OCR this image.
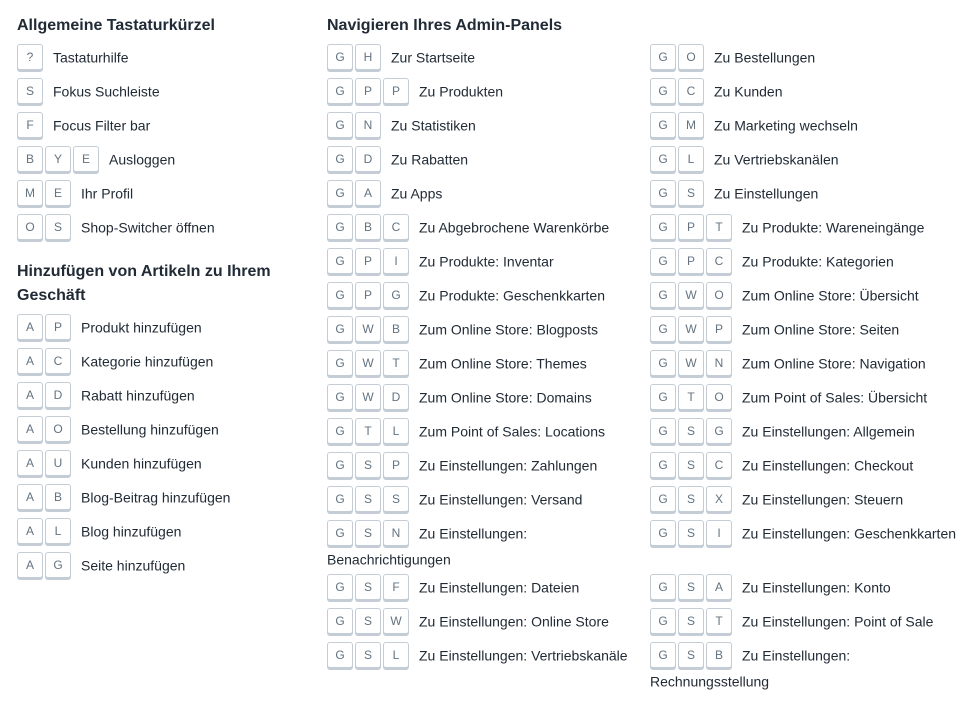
Allgemeine Tastaturkürzel
? Tastaturhilfe
S Fokus Suchleiste
F Focus Filter bar
B Y E Ausloggen
M E Ihr Profil
O S Shop-Switcher öffnen
Hinzufügen von Artikeln zu Ihrem Geschäft
A P Produkt hinzufügen
A C Kategorie hinzufügen
A D Rabatt hinzufügen
A O Bestellung hinzufügen
A U Kunden hinzufügen
A B Blog-Beitrag hinzufügen
A L Blog hinzufügen
A G Seite hinzufügen
Navigieren Ihres Admin-Panels
G H Zur Startseite
G P P Zu Produkten
G N Zu Statistiken
G D Zu Rabatten
G A Zu Apps
G B C Zu Abgebrochene Warenkörbe
G P I Zu Produkte: Inventar
G P G Zu Produkte: Geschenkkarten
G W B Zum Online Store: Blogposts
G W T Zum Online Store: Themes
G W D Zum Online Store: Domains
G T L Zum Point of Sales: Locations
G S P Zu Einstellungen: Zahlungen
G S S Zu Einstellungen: Versand
G S N Zu Einstellungen: Benachrichtigungen
G S F Zu Einstellungen: Dateien
G S W Zu Einstellungen: Online Store
G S L Zu Einstellungen: Vertriebskanäle

G O Zu Bestellungen
G C Zu Kunden
G M Zu Marketing wechseln
G L Zu Vertriebskanälen
G S Zu Einstellungen
G P T Zu Produkte: Wareneingänge
G P C Zu Produkte: Kategorien
G W O Zum Online Store: Übersicht
G W P Zum Online Store: Seiten
G W N Zum Online Store: Navigation
G T O Zum Point of Sales: Übersicht
G S G Zu Einstellungen: Allgemein
G S C Zu Einstellungen: Checkout
G S X Zu Einstellungen: Steuern
G S I Zu Einstellungen: Geschenkkarten
G S A Zu Einstellungen: Konto
G S T Zu Einstellungen: Point of Sale
G S B Zu Einstellungen: Rechnungsstellung
